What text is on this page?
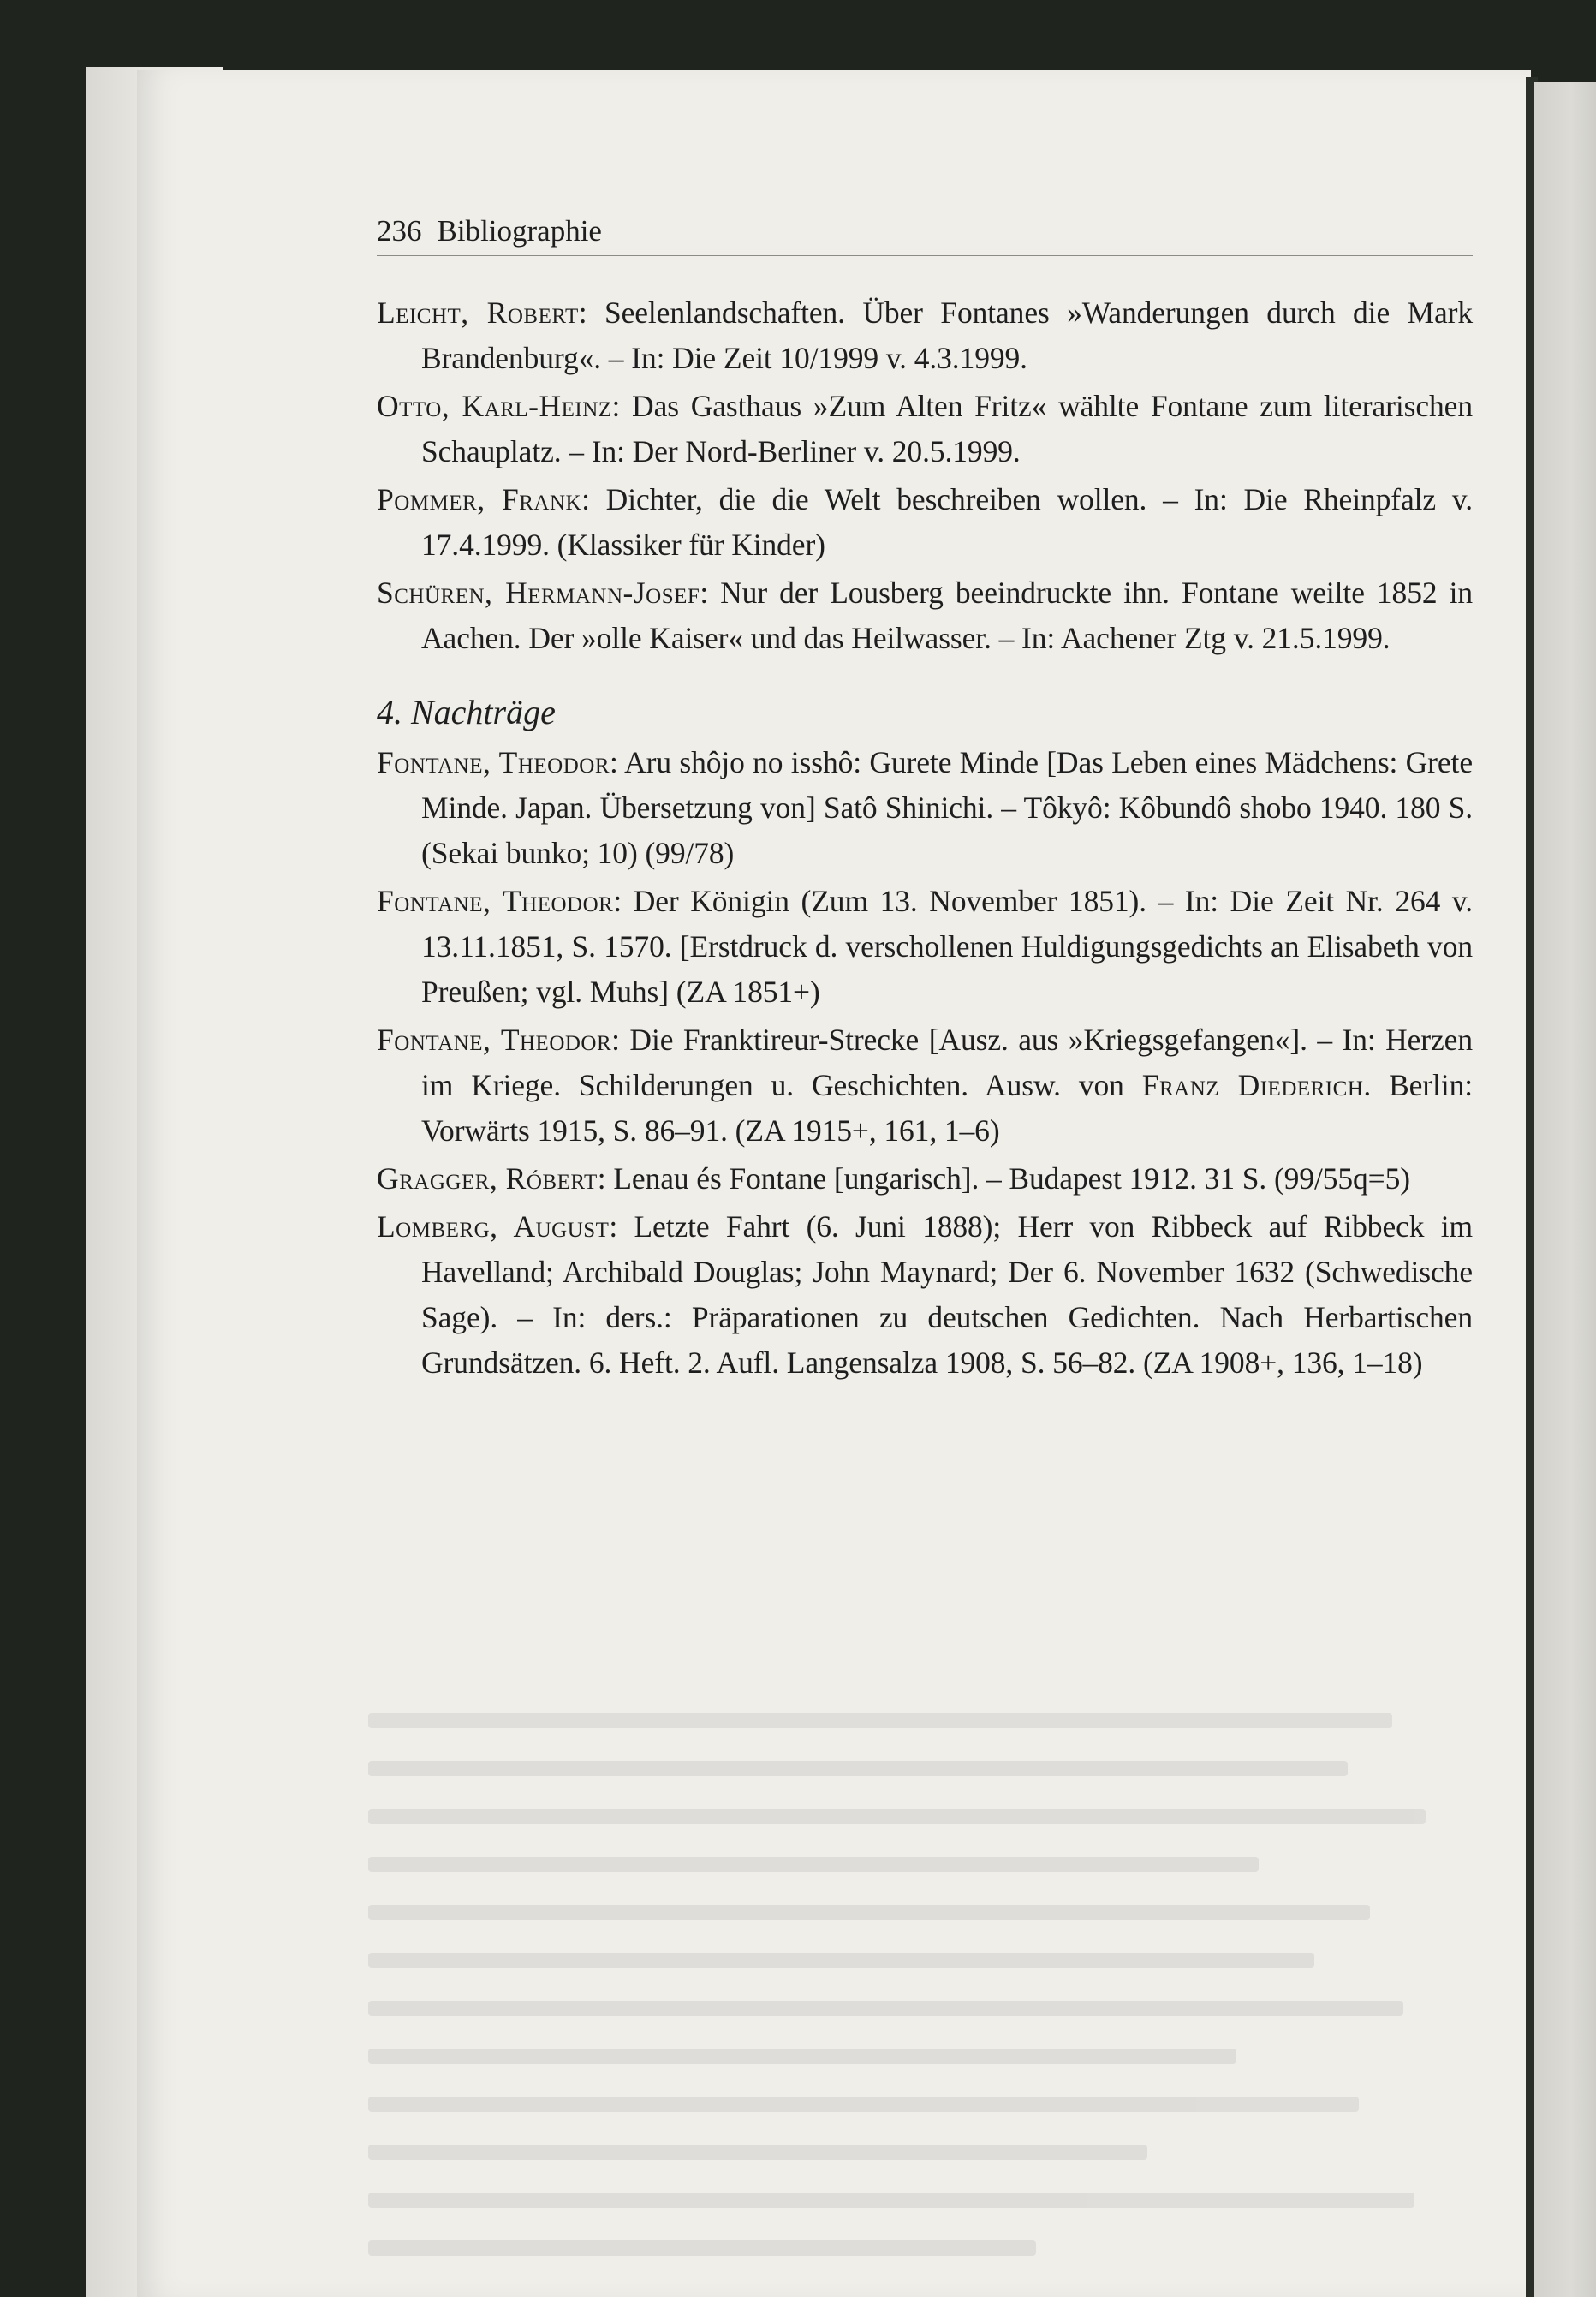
236 Bibliographie
Leicht, Robert: Seelenlandschaften. Über Fontanes »Wanderungen durch die Mark Brandenburg«. – In: Die Zeit 10/1999 v. 4.3.1999.
Otto, Karl-Heinz: Das Gasthaus »Zum Alten Fritz« wählte Fontane zum literarischen Schauplatz. – In: Der Nord-Berliner v. 20.5.1999.
Pommer, Frank: Dichter, die die Welt beschreiben wollen. – In: Die Rheinpfalz v. 17.4.1999. (Klassiker für Kinder)
Schüren, Hermann-Josef: Nur der Lousberg beeindruckte ihn. Fontane weilte 1852 in Aachen. Der »olle Kaiser« und das Heilwasser. – In: Aachener Ztg v. 21.5.1999.
4. Nachträge
Fontane, Theodor: Aru shôjo no isshô: Gurete Minde [Das Leben eines Mädchens: Grete Minde. Japan. Übersetzung von] Satô Shinichi. – Tôkyô: Kôbundô shobo 1940. 180 S. (Sekai bunko; 10) (99/78)
Fontane, Theodor: Der Königin (Zum 13. November 1851). – In: Die Zeit Nr. 264 v. 13.11.1851, S. 1570. [Erstdruck d. verschollenen Huldigungsgedichts an Elisabeth von Preußen; vgl. Muhs] (ZA 1851+)
Fontane, Theodor: Die Franktireur-Strecke [Ausz. aus »Kriegsgefangen«]. – In: Herzen im Kriege. Schilderungen u. Geschichten. Ausw. von Franz Diederich. Berlin: Vorwärts 1915, S. 86–91. (ZA 1915+, 161, 1–6)
Gragger, Róbert: Lenau és Fontane [ungarisch]. – Budapest 1912. 31 S. (99/55q=5)
Lomberg, August: Letzte Fahrt (6. Juni 1888); Herr von Ribbeck auf Ribbeck im Havelland; Archibald Douglas; John Maynard; Der 6. November 1632 (Schwedische Sage). – In: ders.: Präparationen zu deutschen Gedichten. Nach Herbartischen Grundsätzen. 6. Heft. 2. Aufl. Langensalza 1908, S. 56–82. (ZA 1908+, 136, 1–18)
